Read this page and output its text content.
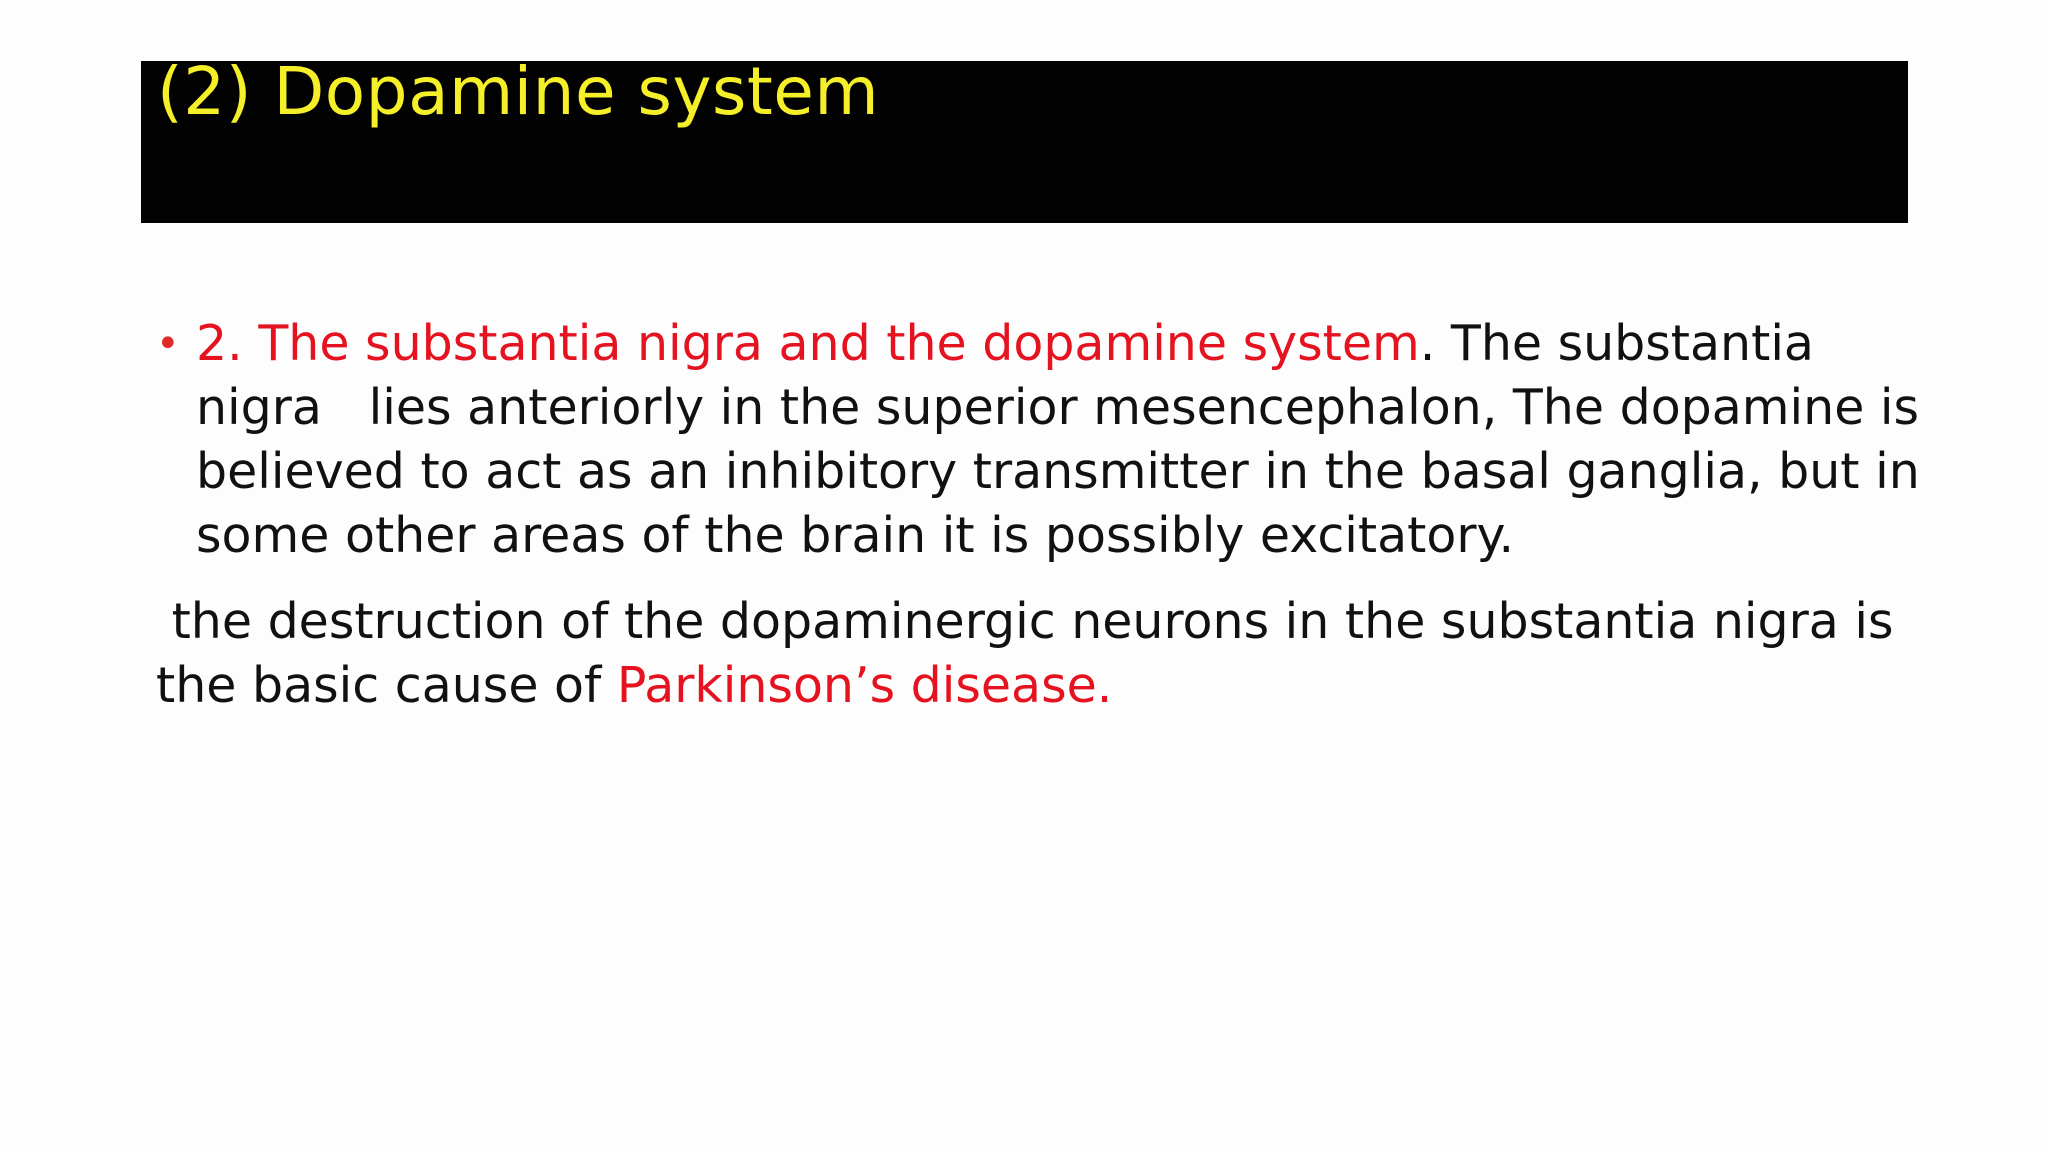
(2) Dopamine system

• 2. The substantia nigra and the dopamine system. The substantia
nigra   lies anteriorly in the superior mesencephalon, The dopamine is
believed to act as an inhibitory transmitter in the basal ganglia, but in
some other areas of the brain it is possibly excitatory.

the destruction of the dopaminergic neurons in the substantia nigra is
the basic cause of Parkinson’s disease.
